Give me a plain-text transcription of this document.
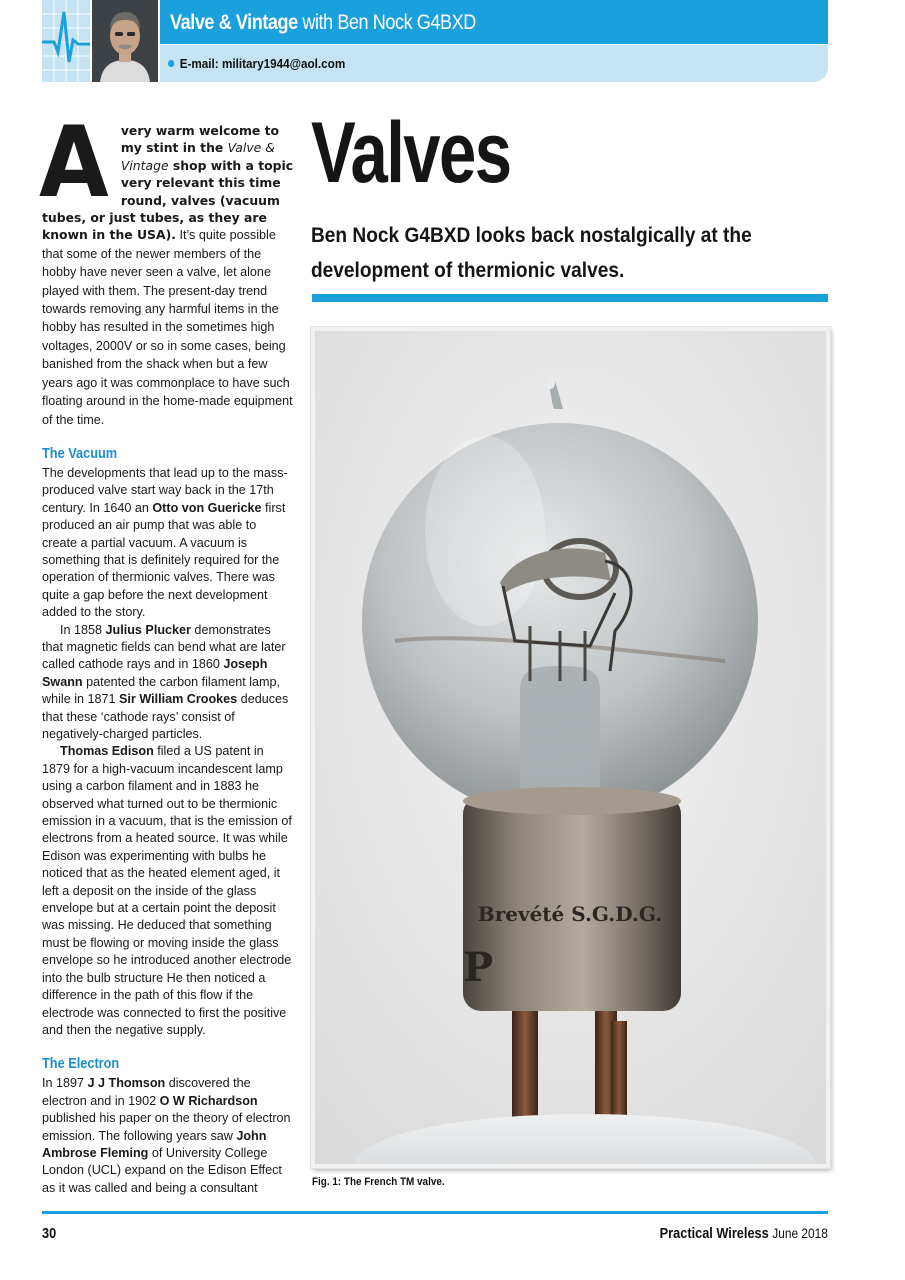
Valve & Vintage with Ben Nock G4BXD
E-mail: military1944@aol.com

Avery warm welcome to my stint in the Valve & Vintage shop with a topic very relevant this time round, valves (vacuum tubes, or just tubes, as they are known in the USA). It’s quite possible that some of the newer members of the hobby have never seen a valve, let alone played with them. The present-day trend towards removing any harmful items in the hobby has resulted in the sometimes high voltages, 2000V or so in some cases, being banished from the shack when but a few years ago it was commonplace to have such floating around in the home-made equipment of the time.

The Vacuum

The developments that lead up to the mass-produced valve start way back in the 17th century. In 1640 an Otto von Guericke first produced an air pump that was able to create a partial vacuum. A vacuum is something that is definitely required for the operation of thermionic valves. There was quite a gap before the next development added to the story.

In 1858 Julius Plucker demonstrates that magnetic fields can bend what are later called cathode rays and in 1860 Joseph Swann patented the carbon filament lamp, while in 1871 Sir William Crookes deduces that these ‘cathode rays’ consist of negatively-charged particles.

Thomas Edison filed a US patent in 1879 for a high-vacuum incandescent lamp using a carbon filament and in 1883 he observed what turned out to be thermionic emission in a vacuum, that is the emission of electrons from a heated source. It was while Edison was experimenting with bulbs he noticed that as the heated element aged, it left a deposit on the inside of the glass envelope but at a certain point the deposit was missing. He deduced that something must be flowing or moving inside the glass envelope so he introduced another electrode into the bulb structure He then noticed a difference in the path of this flow if the electrode was connected to first the positive and then the negative supply.

The Electron

In 1897 J J Thomson discovered the electron and in 1902 O W Richardson published his paper on the theory of electron emission. The following years saw John Ambrose Fleming of University College London (UCL) expand on the Edison Effect as it was called and being a consultant

Valves
Ben Nock G4BXD looks back nostalgically at the development of thermionic valves.
Brevété S.G.D.G.
P
Fig. 1: The French TM valve.
30	Practical Wireless June 2018
